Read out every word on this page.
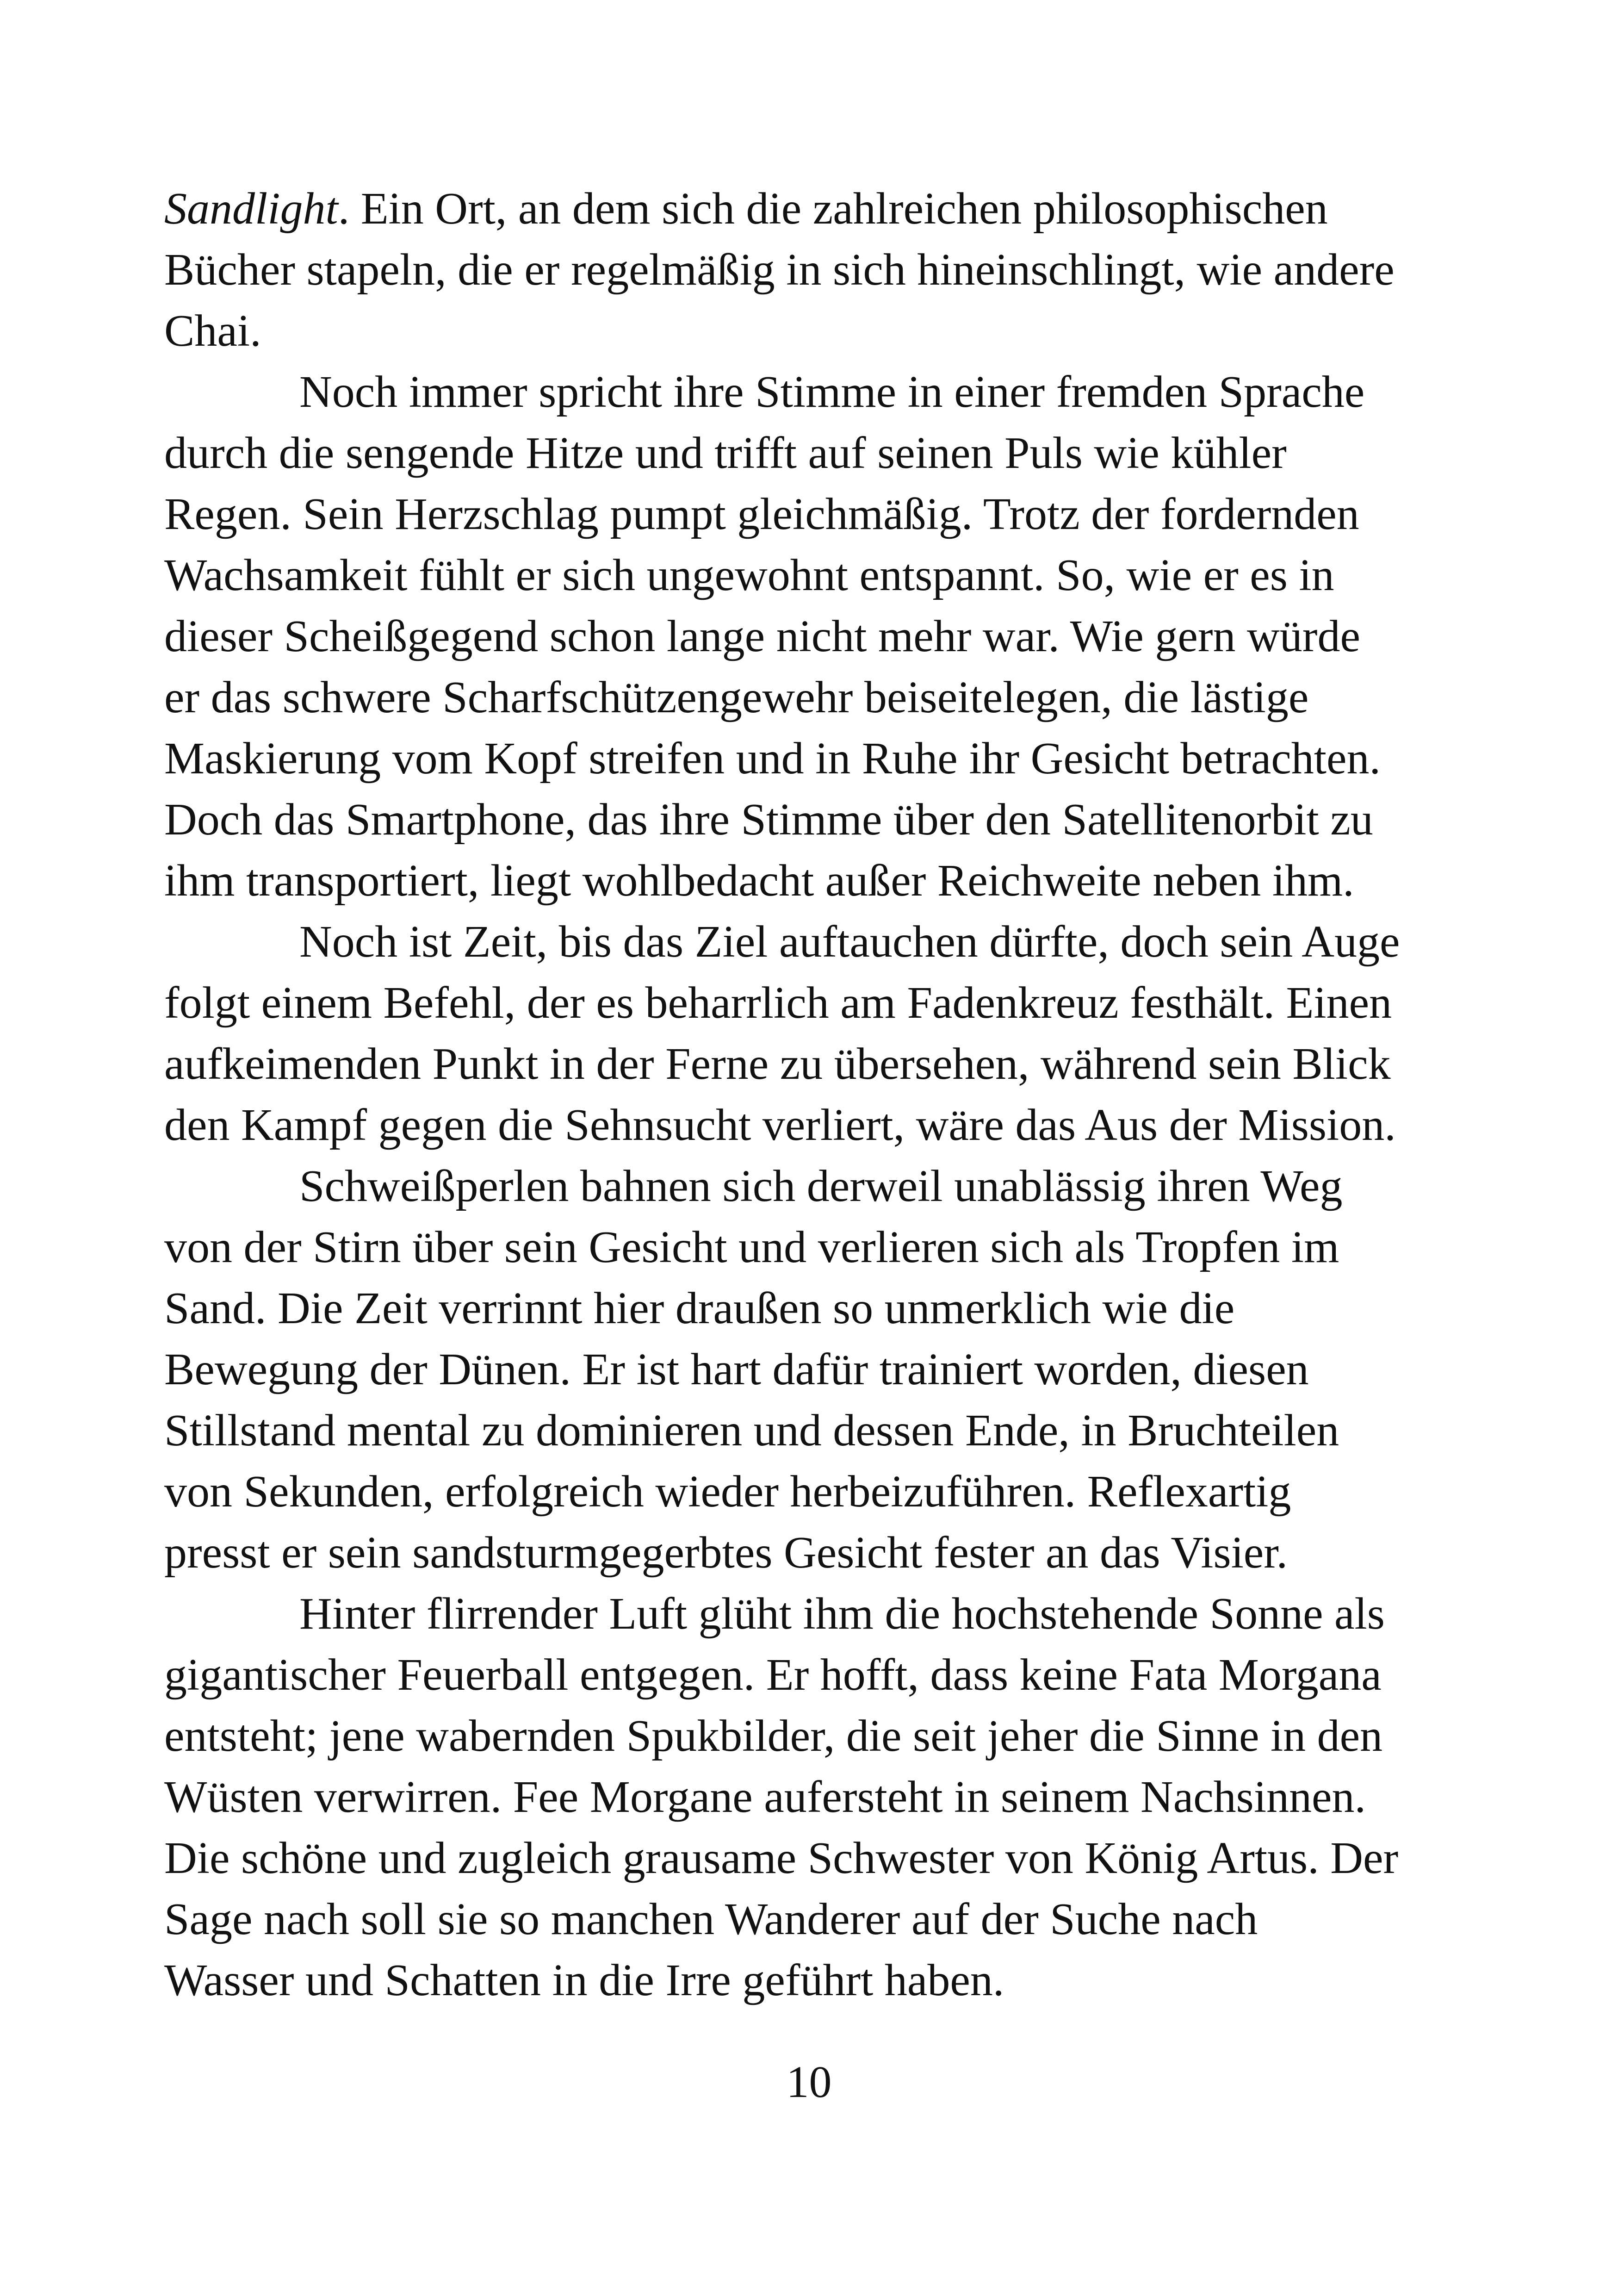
Sandlight. Ein Ort, an dem sich die zahlreichen philosophischen
Bücher stapeln, die er regelmäßig in sich hineinschlingt, wie andere
Chai.
Noch immer spricht ihre Stimme in einer fremden Sprache
durch die sengende Hitze und trifft auf seinen Puls wie kühler
Regen. Sein Herzschlag pumpt gleichmäßig. Trotz der fordernden
Wachsamkeit fühlt er sich ungewohnt entspannt. So, wie er es in
dieser Scheißgegend schon lange nicht mehr war. Wie gern würde
er das schwere Scharfschützengewehr beiseitelegen, die lästige
Maskierung vom Kopf streifen und in Ruhe ihr Gesicht betrachten.
Doch das Smartphone, das ihre Stimme über den Satellitenorbit zu
ihm transportiert, liegt wohlbedacht außer Reichweite neben ihm.
Noch ist Zeit, bis das Ziel auftauchen dürfte, doch sein Auge
folgt einem Befehl, der es beharrlich am Fadenkreuz festhält. Einen
aufkeimenden Punkt in der Ferne zu übersehen, während sein Blick
den Kampf gegen die Sehnsucht verliert, wäre das Aus der Mission.
Schweißperlen bahnen sich derweil unablässig ihren Weg
von der Stirn über sein Gesicht und verlieren sich als Tropfen im
Sand. Die Zeit verrinnt hier draußen so unmerklich wie die
Bewegung der Dünen. Er ist hart dafür trainiert worden, diesen
Stillstand mental zu dominieren und dessen Ende, in Bruchteilen
von Sekunden, erfolgreich wieder herbeizuführen. Reflexartig
presst er sein sandsturmgegerbtes Gesicht fester an das Visier.
Hinter flirrender Luft glüht ihm die hochstehende Sonne als
gigantischer Feuerball entgegen. Er hofft, dass keine Fata Morgana
entsteht; jene wabernden Spukbilder, die seit jeher die Sinne in den
Wüsten verwirren. Fee Morgane aufersteht in seinem Nachsinnen.
Die schöne und zugleich grausame Schwester von König Artus. Der
Sage nach soll sie so manchen Wanderer auf der Suche nach
Wasser und Schatten in die Irre geführt haben.
10
